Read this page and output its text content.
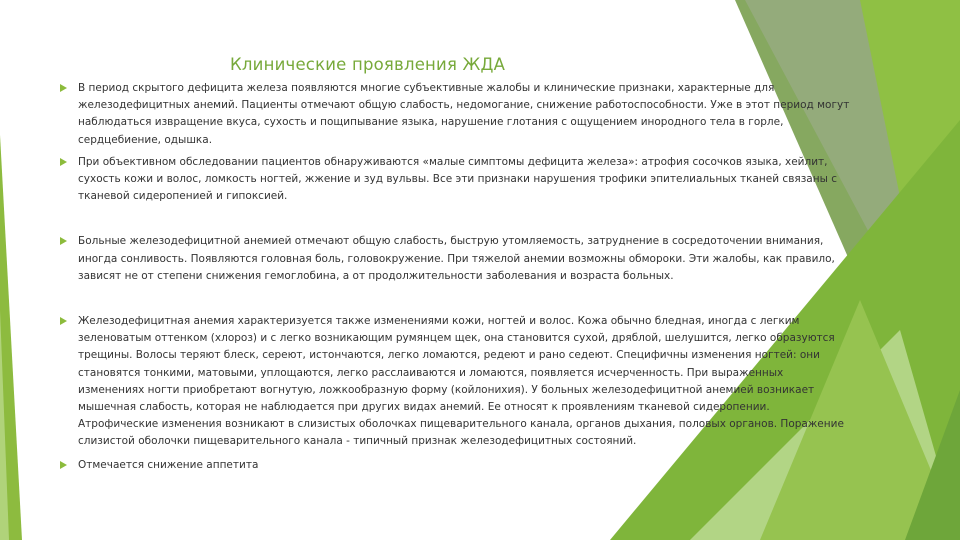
Клинические проявления ЖДА
В период скрытого дефицита железа появляются многие субъективные жалобы и клинические признаки, характерные для железодефицитных анемий. Пациенты отмечают общую слабость, недомогание, снижение работоспособности. Уже в этот период могут наблюдаться извращение вкуса, сухость и пощипывание языка, нарушение глотания с ощущением инородного тела в горле, сердцебиение, одышка.
При объективном обследовании пациентов обнаруживаются «малые симптомы дефицита железа»: атрофия сосочков языка, хейлит, сухость кожи и волос, ломкость ногтей, жжение и зуд вульвы. Все эти признаки нарушения трофики эпителиальных тканей связаны с тканевой сидеропенией и гипоксией.
Больные железодефицитной анемией отмечают общую слабость, быструю утомляемость, затруднение в сосредоточении внимания, иногда сонливость. Появляются головная боль, головокружение. При тяжелой анемии возможны обмороки. Эти жалобы, как правило, зависят не от степени снижения гемоглобина, а от продолжительности заболевания и возраста больных.
Железодефицитная анемия характеризуется также изменениями кожи, ногтей и волос. Кожа обычно бледная, иногда с легким зеленоватым оттенком (хлороз) и с легко возникающим румянцем щек, она становится сухой, дряблой, шелушится, легко образуются трещины. Волосы теряют блеск, сереют, истончаются, легко ломаются, редеют и рано седеют. Специфичны изменения ногтей: они становятся тонкими, матовыми, уплощаются, легко расслаиваются и ломаются, появляется исчерченность. При выраженных изменениях ногти приобретают вогнутую, ложкообразную форму (койлонихия). У больных железодефицитной анемией возникает мышечная слабость, которая не наблюдается при других видах анемий. Ее относят к проявлениям тканевой сидеропении. Атрофические изменения возникают в слизистых оболочках пищеварительного канала, органов дыхания, половых органов. Поражение слизистой оболочки пищеварительного канала - типичный признак железодефицитных состояний.
Отмечается снижение аппетита
